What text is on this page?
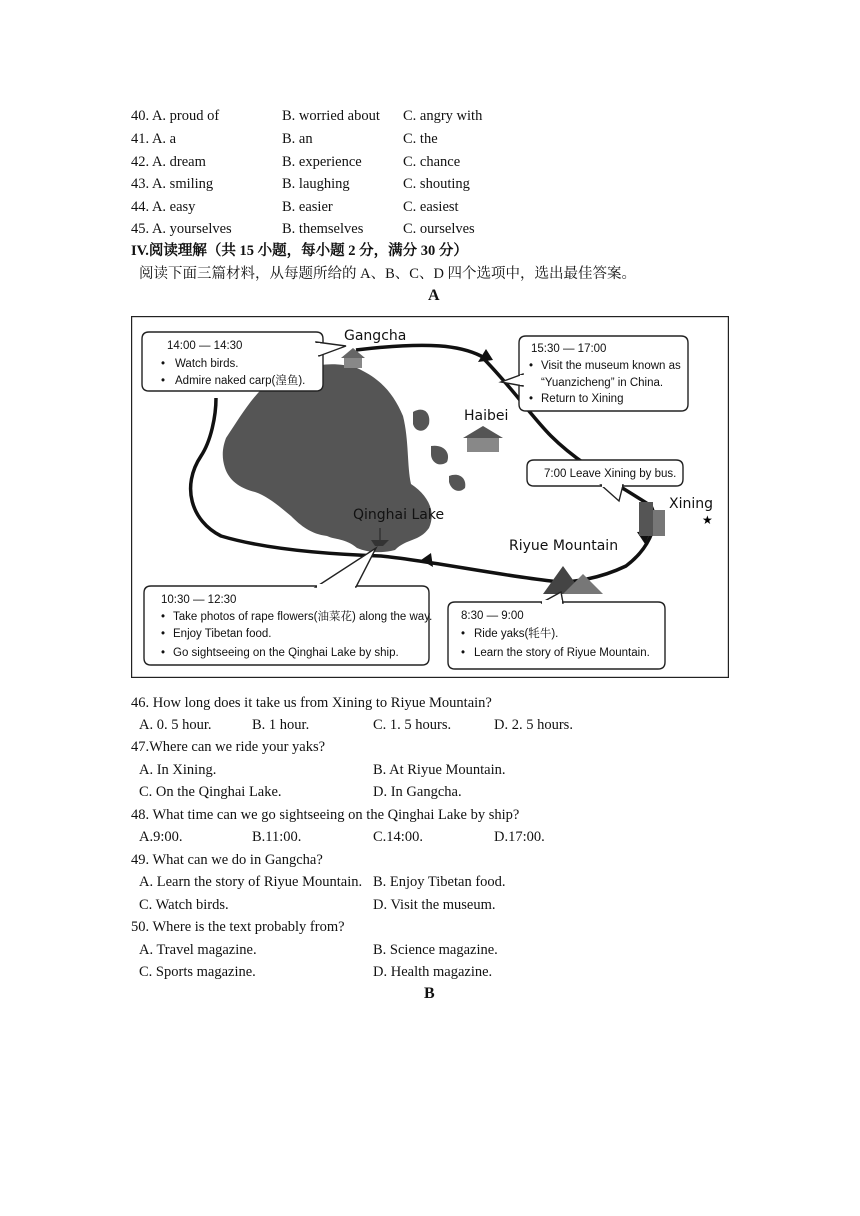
40. A. proud of	B. worried about C. angry with
41. A. a	B. an	C. the
42. A. dream	B. experience	C. chance
43. A. smiling	B. laughing	C. shouting
44. A. easy	B. easier	C. easiest
45. A. yourselves	B. themselves	C. ourselves
IV.阅读理解（共 15 小题，每小题 2 分，满分 30 分）
阅读下面三篇材料，从每题所给的 A、B、C、D 四个选项中，选出最佳答案。
A
Gangcha
Haibei
Xining
★
Riyue Mountain
Qinghai Lake
14:00 — 14:30
• Watch birds.
• Admire naked carp(湟鱼).
15:30 — 17:00
• Visit the museum known as
“Yuanzicheng” in China.
• Return to Xining
7:00 Leave Xining by bus.
10:30 — 12:30
• Take photos of rape flowers(油菜花) along the way.
• Enjoy Tibetan food.
• Go sightseeing on the Qinghai Lake by ship.
8:30 — 9:00
• Ride yaks(牦牛).
• Learn the story of Riyue Mountain.
46. How long does it take us from Xining to Riyue Mountain?
A. 0. 5 hour.	B. 1 hour.	C. 1. 5 hours.	D. 2. 5 hours.
47.Where can we ride your yaks?
A. In Xining.	B. At Riyue Mountain.
C. On the Qinghai Lake.	D. In Gangcha.
48. What time can we go sightseeing on the Qinghai Lake by ship?
A.9:00.	B.11:00.	C.14:00.	D.17:00.
49. What can we do in Gangcha?
A. Learn the story of Riyue Mountain. B. Enjoy Tibetan food.
C. Watch birds.	D. Visit the museum.
50. Where is the text probably from?
A. Travel magazine.	B. Science magazine.
C. Sports magazine.	D. Health magazine.
B
